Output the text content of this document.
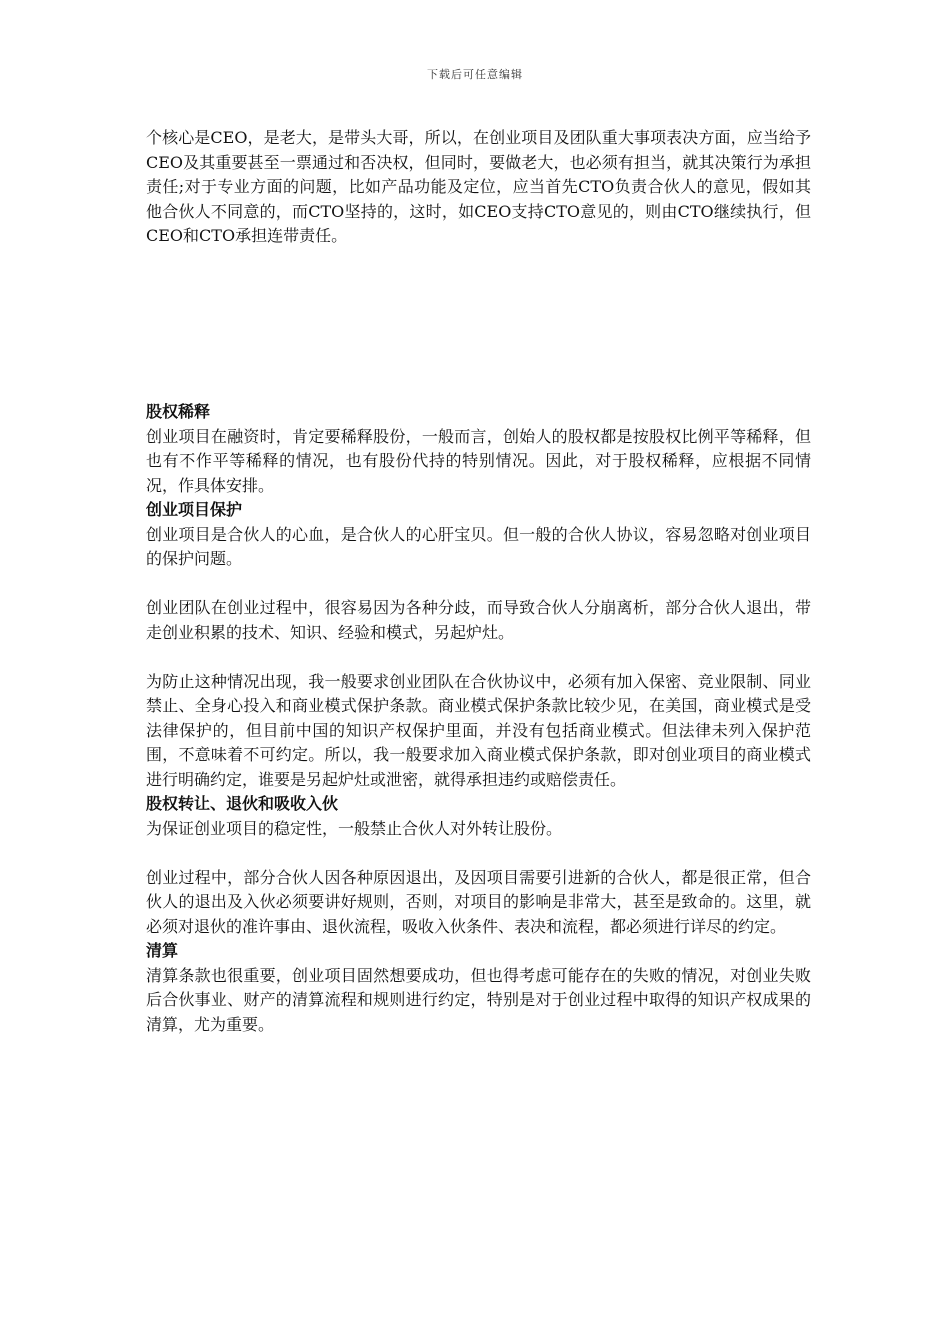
下载后可任意编辑

个核心是CEO，是老大，是带头大哥，所以，在创业项目及团队重大事项表决方面，应当给予CEO及其重要甚至一票通过和否决权，但同时，要做老大，也必须有担当，就其决策行为承担责任;对于专业方面的问题，比如产品功能及定位，应当首先CTO负责合伙人的意见，假如其他合伙人不同意的，而CTO坚持的，这时，如CEO支持CTO意见的，则由CTO继续执行，但CEO和CTO承担连带责任。

股权稀释

创业项目在融资时，肯定要稀释股份，一般而言，创始人的股权都是按股权比例平等稀释，但也有不作平等稀释的情况，也有股份代持的特别情况。因此，对于股权稀释，应根据不同情况，作具体安排。

创业项目保护

创业项目是合伙人的心血，是合伙人的心肝宝贝。但一般的合伙人协议，容易忽略对创业项目的保护问题。

创业团队在创业过程中，很容易因为各种分歧，而导致合伙人分崩离析，部分合伙人退出，带走创业积累的技术、知识、经验和模式，另起炉灶。

为防止这种情况出现，我一般要求创业团队在合伙协议中，必须有加入保密、竞业限制、同业禁止、全身心投入和商业模式保护条款。商业模式保护条款比较少见，在美国，商业模式是受法律保护的，但目前中国的知识产权保护里面，并没有包括商业模式。但法律未列入保护范围，不意味着不可约定。所以，我一般要求加入商业模式保护条款，即对创业项目的商业模式进行明确约定，谁要是另起炉灶或泄密，就得承担违约或赔偿责任。

股权转让、退伙和吸收入伙

为保证创业项目的稳定性，一般禁止合伙人对外转让股份。

创业过程中，部分合伙人因各种原因退出，及因项目需要引进新的合伙人，都是很正常，但合伙人的退出及入伙必须要讲好规则，否则，对项目的影响是非常大，甚至是致命的。这里，就必须对退伙的准许事由、退伙流程，吸收入伙条件、表决和流程，都必须进行详尽的约定。

清算

清算条款也很重要，创业项目固然想要成功，但也得考虑可能存在的失败的情况，对创业失败后合伙事业、财产的清算流程和规则进行约定，特别是对于创业过程中取得的知识产权成果的清算，尤为重要。
